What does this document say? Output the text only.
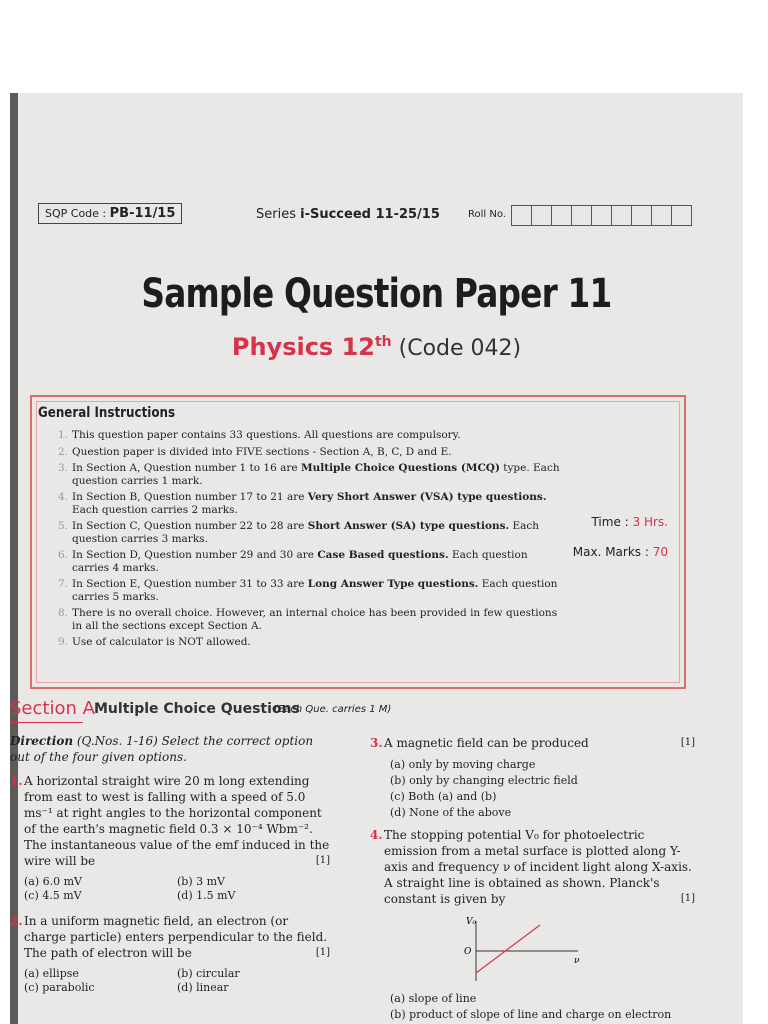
SQP Code : PB-11/15	Series i-Succeed 11-25/15	Roll No.
Sample Question Paper 11
Physics 12th (Code 042)
General Instructions
1. This question paper contains 33 questions. All questions are compulsory.
2. Question paper is divided into FIVE sections - Section A, B, C, D and E.
3. In Section A, Question number 1 to 16 are Multiple Choice Questions (MCQ) type. Each question carries 1 mark.
4. In Section B, Question number 17 to 21 are Very Short Answer (VSA) type questions. Each question carries 2 marks.
5. In Section C, Question number 22 to 28 are Short Answer (SA) type questions. Each question carries 3 marks.
6. In Section D, Question number 29 and 30 are Case Based questions. Each question carries 4 marks.
7. In Section E, Question number 31 to 33 are Long Answer Type questions. Each question carries 5 marks.
8. There is no overall choice. However, an internal choice has been provided in few questions in all the sections except Section A.
9. Use of calculator is NOT allowed.
Time : 3 Hrs.
Max. Marks : 70
Section A Multiple Choice Questions
(Each Que. carries 1 M)
Direction (Q.Nos. 1-16) Select the correct option out of the four given options.
1. A horizontal straight wire 20 m long extending from east to west is falling with a speed of 5.0 ms⁻¹ at right angles to the horizontal component of the earth's magnetic field 0.3 × 10⁻⁴ Wbm⁻². The instantaneous value of the emf induced in the wire will be	[1]
(a) 6.0 mV	(b) 3 mV
(c) 4.5 mV	(d) 1.5 mV
2. In a uniform magnetic field, an electron (or charge particle) enters perpendicular to the field. The path of electron will be	[1]
(a) ellipse	(b) circular
(c) parabolic	(d) linear
3. A magnetic field can be produced	[1]
(a) only by moving charge
(b) only by changing electric field
(c) Both (a) and (b)
(d) None of the above
4. The stopping potential V₀ for photoelectric emission from a metal surface is plotted along Y-axis and frequency ν of incident light along X-axis. A straight line is obtained as shown. Planck's constant is given by	[1]
V₀
O
ν
(a) slope of line
(b) product of slope of line and charge on electron
